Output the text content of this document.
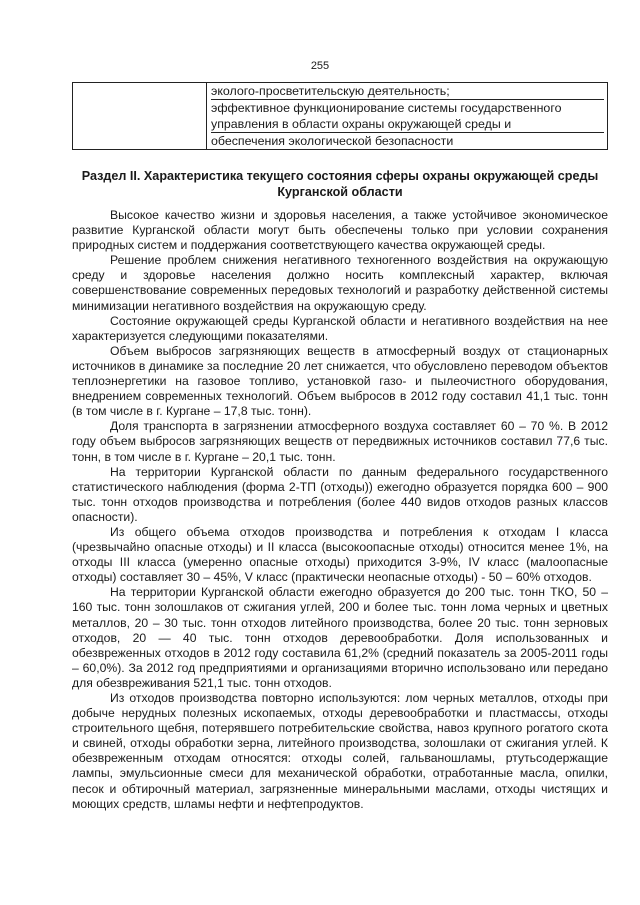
255

эколого-просветительскую деятельность;
эффективное функционирование системы государственного управления в области охраны окружающей среды и
обеспечения экологической безопасности
Раздел II. Характеристика текущего состояния сферы охраны окружающей среды Курганской области

Высокое качество жизни и здоровья населения, а также устойчивое экономическое развитие Курганской области могут быть обеспечены только при условии сохранения природных систем и поддержания соответствующего качества окружающей среды.

Решение проблем снижения негативного техногенного воздействия на окружающую среду и здоровье населения должно носить комплексный характер, включая совершенствование современных передовых технологий и разработку действенной системы минимизации негативного воздействия на окружающую среду.

Состояние окружающей среды Курганской области и негативного воздействия на нее характеризуется следующими показателями.

Объем выбросов загрязняющих веществ в атмосферный воздух от стационарных источников в динамике за последние 20 лет снижается, что обусловлено переводом объектов теплоэнергетики на газовое топливо, установкой газо- и пылеочистного оборудования, внедрением современных технологий. Объем выбросов в 2012 году составил 41,1 тыс. тонн (в том числе в г. Кургане – 17,8 тыс. тонн).

Доля транспорта в загрязнении атмосферного воздуха составляет 60 – 70 %. В 2012 году объем выбросов загрязняющих веществ от передвижных источников составил 77,6 тыс. тонн, в том числе в г. Кургане – 20,1 тыс. тонн.

На территории Курганской области по данным федерального государственного статистического наблюдения (форма 2-ТП (отходы)) ежегодно образуется порядка 600 – 900 тыс. тонн отходов производства и потребления (более 440 видов отходов разных классов опасности).

Из общего объема отходов производства и потребления к отходам I класса (чрезвычайно опасные отходы) и II класса (высокоопасные отходы) относится менее 1%, на отходы III класса (умеренно опасные отходы) приходится 3-9%, IV класс (малоопасные отходы) составляет 30 – 45%, V класс (практически неопасные отходы) - 50 – 60% отходов.

На территории Курганской области ежегодно образуется до 200 тыс. тонн ТКО, 50 – 160 тыс. тонн золошлаков от сжигания углей, 200 и более тыс. тонн лома черных и цветных металлов, 20 – 30 тыс. тонн отходов литейного производства, более 20 тыс. тонн зерновых отходов, 20 — 40 тыс. тонн отходов деревообработки. Доля использованных и обезвреженных отходов в 2012 году составила 61,2% (средний показатель за 2005-2011 годы – 60,0%). За 2012 год предприятиями и организациями вторично использовано или передано для обезвреживания 521,1 тыс. тонн отходов.

Из отходов производства повторно используются: лом черных металлов, отходы при добыче нерудных полезных ископаемых, отходы деревообработки и пластмассы, отходы строительного щебня, потерявшего потребительские свойства, навоз крупного рогатого скота и свиней, отходы обработки зерна, литейного производства, золошлаки от сжигания углей. К обезвреженным отходам относятся: отходы солей, гальваношламы, ртутьсодержащие лампы, эмульсионные смеси для механической обработки, отработанные масла, опилки, песок и обтирочный материал, загрязненные минеральными маслами, отходы чистящих и моющих средств, шламы нефти и нефтепродуктов.
